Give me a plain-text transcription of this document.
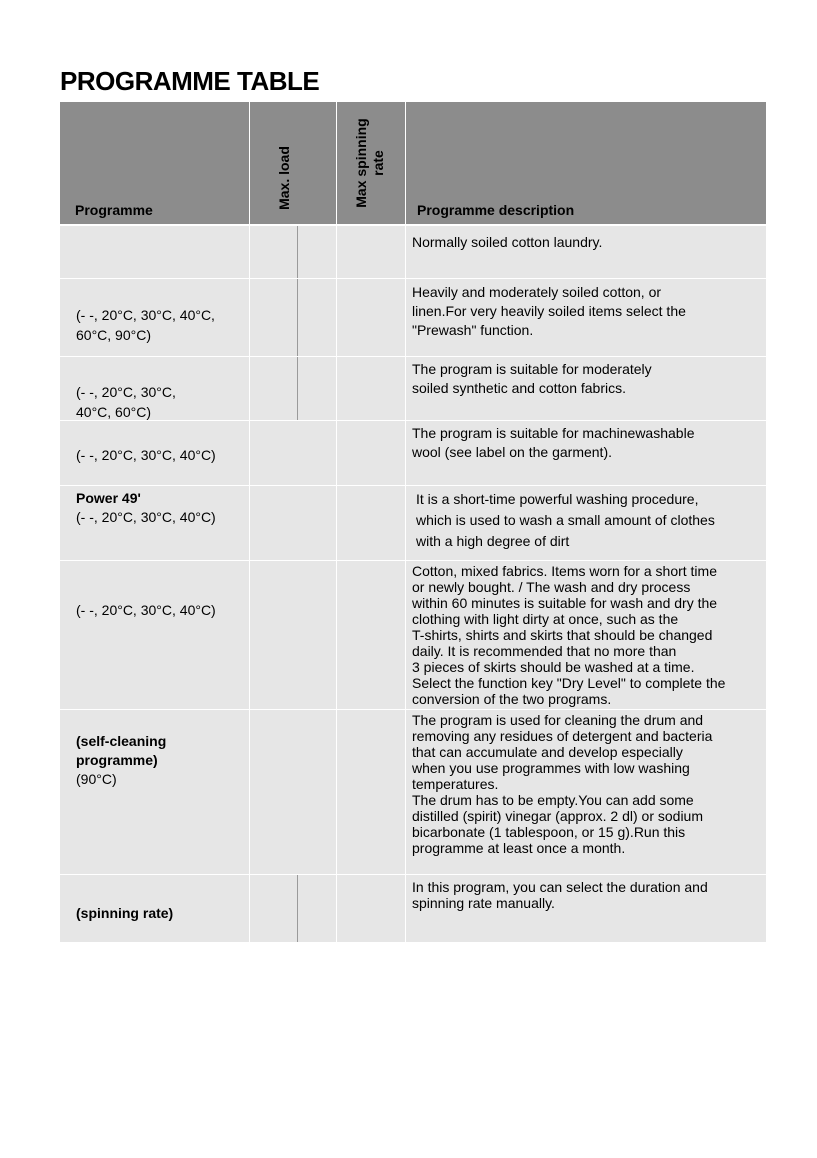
PROGRAMME TABLE
Programme
Max. load	Max spinning rate
Programme description
Normally soiled cotton laundry.
(- -, 20°C, 30°C, 40°C,
60°C, 90°C)
Heavily and moderately soiled cotton, or
linen.For very heavily soiled items select the
"Prewash" function.
(- -, 20°C, 30°C,
40°C, 60°C)
The program is suitable for moderately
soiled synthetic and cotton fabrics.
(- -, 20°C, 30°C, 40°C)
The program is suitable for machinewashable
wool (see label on the garment).
Power 49'
(- -, 20°C, 30°C, 40°C)
It is a short-time powerful washing procedure,
which is used to wash a small amount of clothes
with a high degree of dirt
(- -, 20°C, 30°C, 40°C)
Cotton, mixed fabrics. Items worn for a short time
or newly bought. / The wash and dry process
within 60 minutes is suitable for wash and dry the
clothing with light dirty at once, such as the
T-shirts, shirts and skirts that should be changed
daily. It is recommended that no more than
3 pieces of skirts should be washed at a time.
Select the function key "Dry Level" to complete the
conversion of the two programs.
(self-cleaning
programme)
(90°C)
The program is used for cleaning the drum and
removing any residues of detergent and bacteria
that can accumulate and develop especially
when you use programmes with low washing
temperatures.
The drum has to be empty.You can add some
distilled (spirit) vinegar (approx. 2 dl) or sodium
bicarbonate (1 tablespoon, or 15 g).Run this
programme at least once a month.
(spinning rate)
In this program, you can select the duration and
spinning rate manually.
